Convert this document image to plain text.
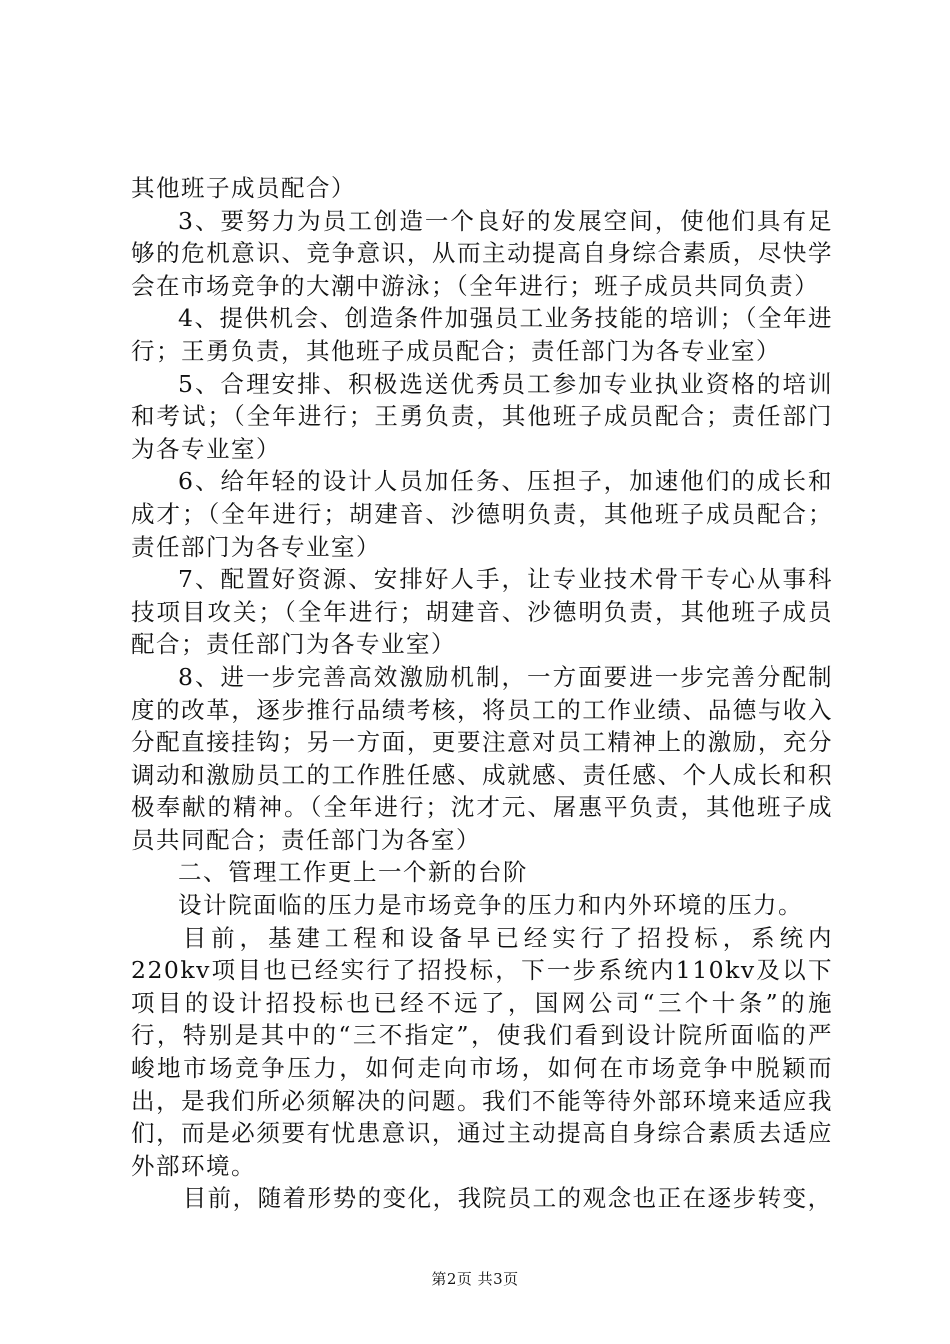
其他班子成员配合）

3、要努力为员工创造一个良好的发展空间，使他们具有足够的危机意识、竞争意识，从而主动提高自身综合素质，尽快学会在市场竞争的大潮中游泳；（全年进行；班子成员共同负责）

4、提供机会、创造条件加强员工业务技能的培训；（全年进行；王勇负责，其他班子成员配合；责任部门为各专业室）

5、合理安排、积极选送优秀员工参加专业执业资格的培训和考试；（全年进行；王勇负责，其他班子成员配合；责任部门为各专业室）

6、给年轻的设计人员加任务、压担子，加速他们的成长和成才；（全年进行；胡建音、沙德明负责，其他班子成员配合；责任部门为各专业室）

7、配置好资源、安排好人手，让专业技术骨干专心从事科技项目攻关；（全年进行；胡建音、沙德明负责，其他班子成员配合；责任部门为各专业室）

8、进一步完善高效激励机制，一方面要进一步完善分配制度的改革，逐步推行品绩考核，将员工的工作业绩、品德与收入分配直接挂钩；另一方面，更要注意对员工精神上的激励，充分调动和激励员工的工作胜任感、成就感、责任感、个人成长和积极奉献的精神。（全年进行；沈才元、屠惠平负责，其他班子成员共同配合；责任部门为各室）

二、管理工作更上一个新的台阶

设计院面临的压力是市场竞争的压力和内外环境的压力。

目前，基建工程和设备早已经实行了招投标，系统内220kv项目也已经实行了招投标，下一步系统内110kv及以下项目的设计招投标也已经不远了，国网公司“三个十条”的施行，特别是其中的“三不指定”，使我们看到设计院所面临的严峻地市场竞争压力，如何走向市场，如何在市场竞争中脱颖而出，是我们所必须解决的问题。我们不能等待外部环境来适应我们，而是必须要有忧患意识，通过主动提高自身综合素质去适应外部环境。

目前，随着形势的变化，我院员工的观念也正在逐步转变，

第2页 共3页
